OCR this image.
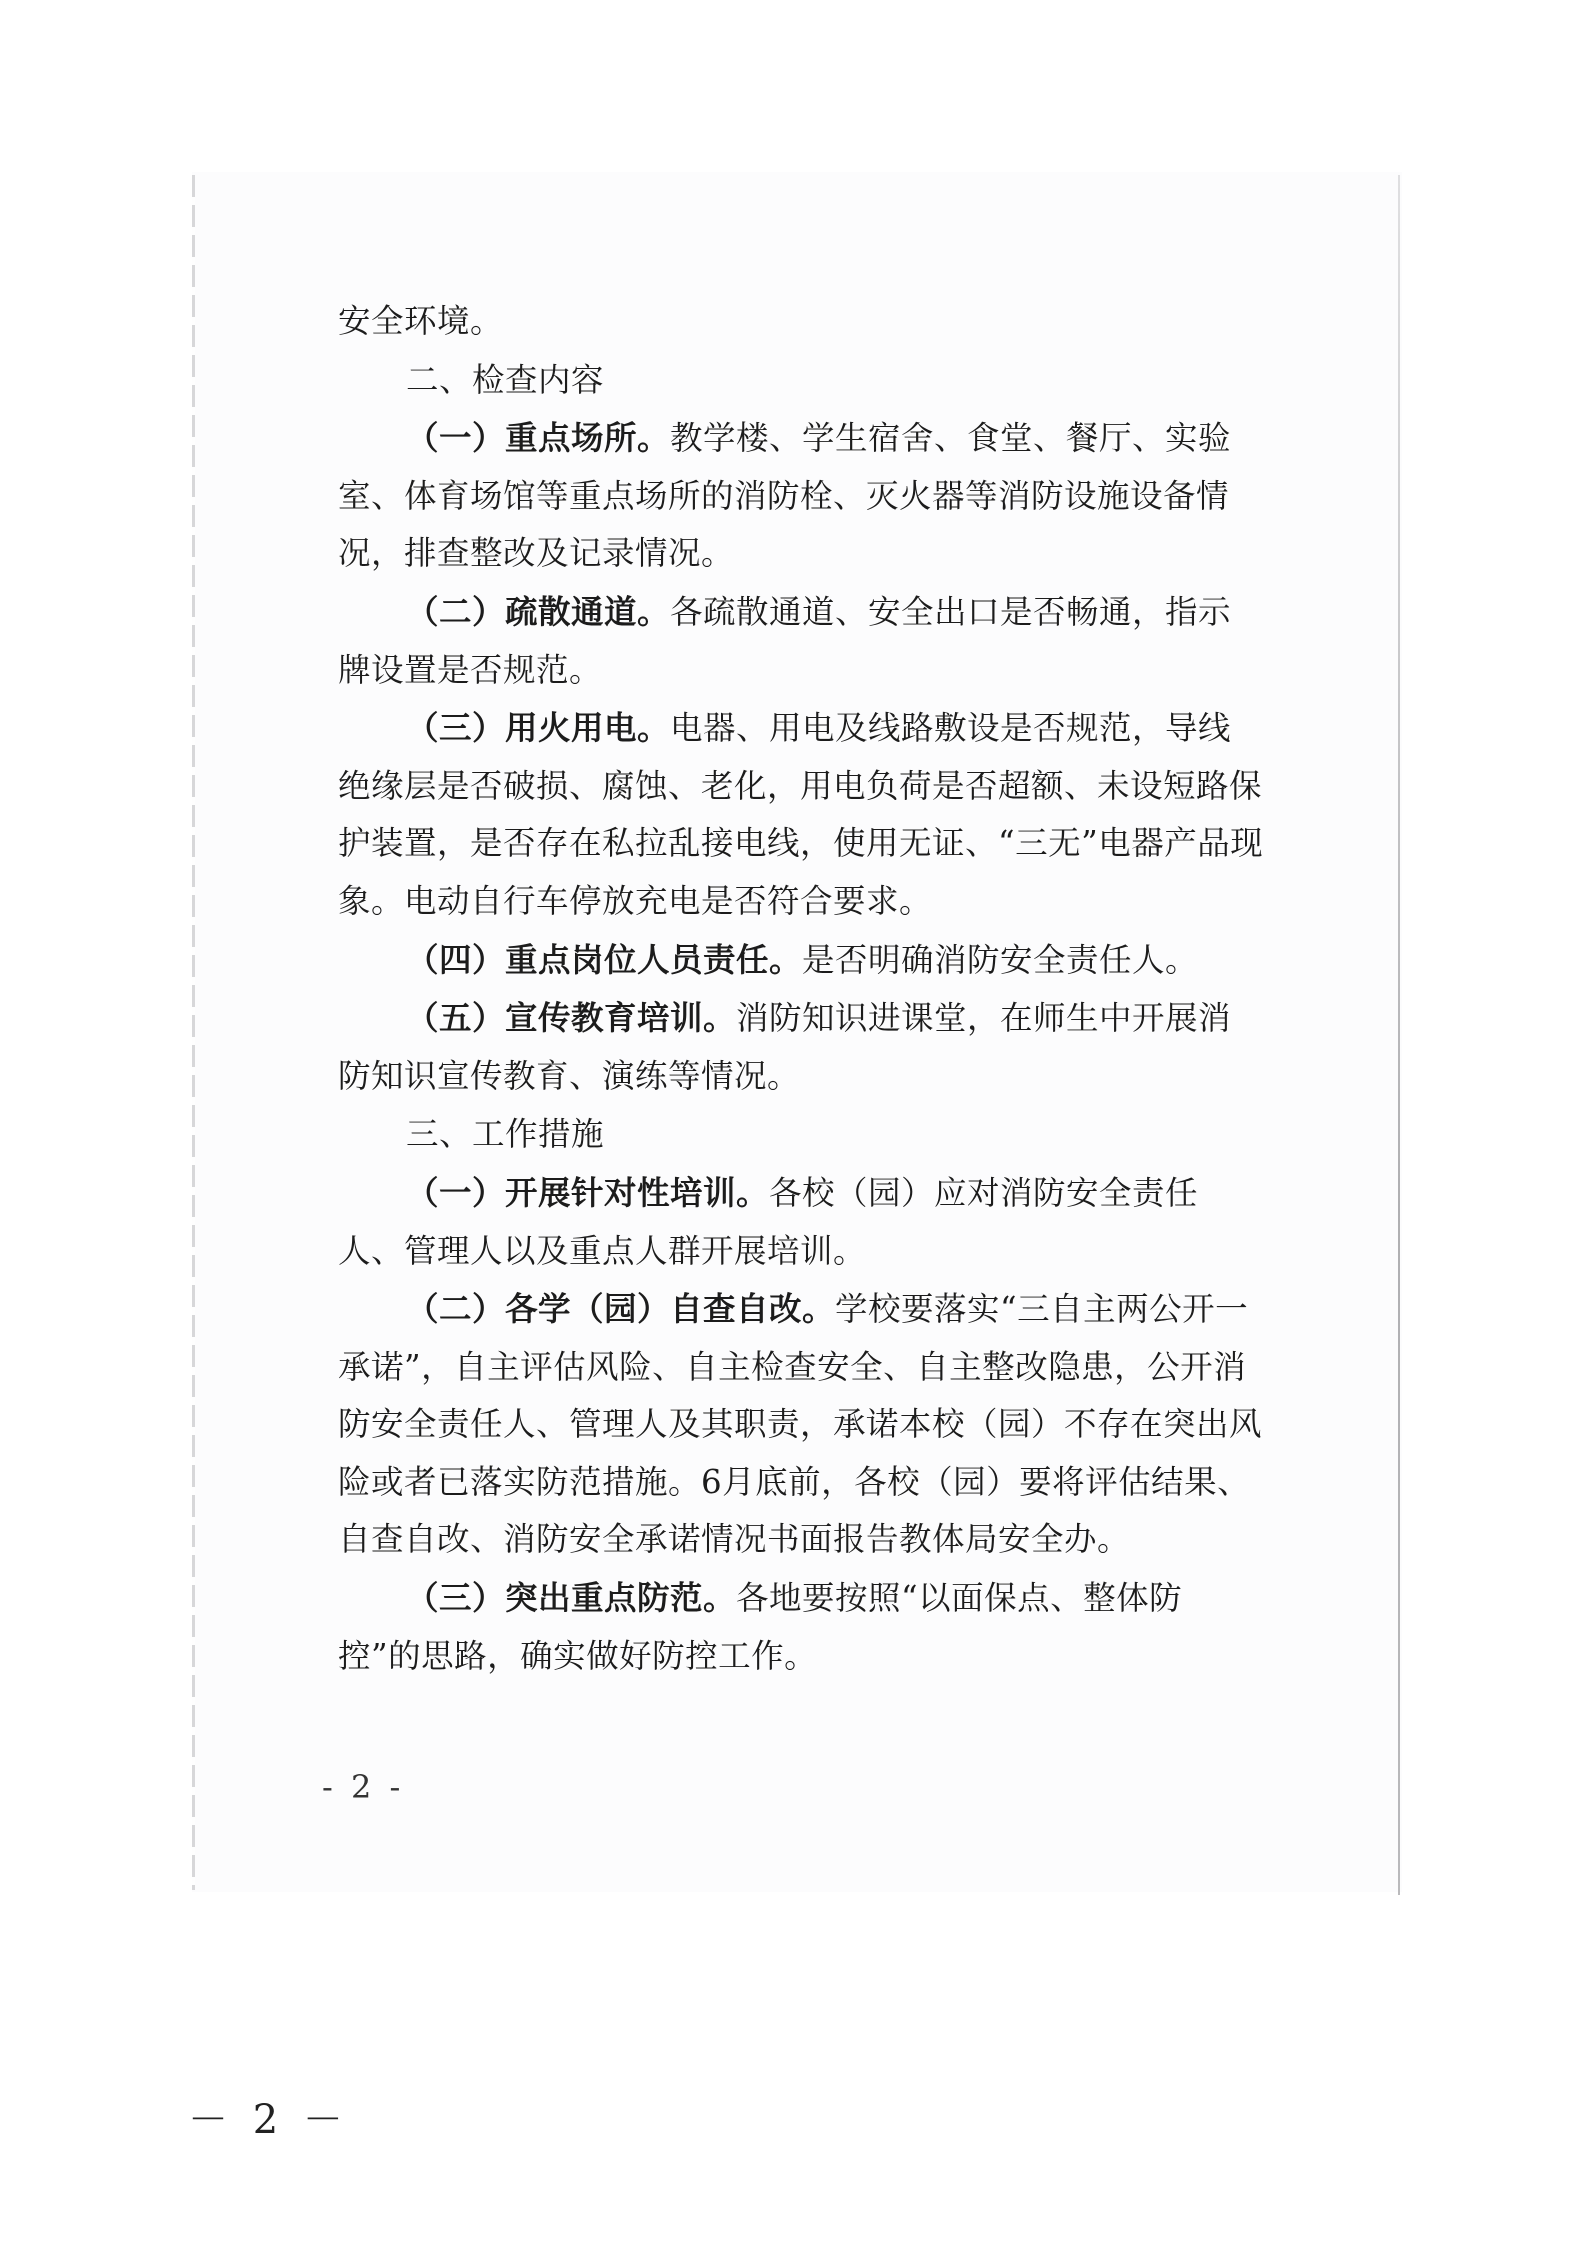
安全环境。

二、检查内容

（一）重点场所。教学楼、学生宿舍、食堂、餐厅、实验室、体育场馆等重点场所的消防栓、灭火器等消防设施设备情况，排查整改及记录情况。

（二）疏散通道。各疏散通道、安全出口是否畅通，指示牌设置是否规范。

（三）用火用电。电器、用电及线路敷设是否规范，导线绝缘层是否破损、腐蚀、老化，用电负荷是否超额、未设短路保护装置，是否存在私拉乱接电线，使用无证、“三无”电器产品现象。电动自行车停放充电是否符合要求。

（四）重点岗位人员责任。是否明确消防安全责任人。

（五）宣传教育培训。消防知识进课堂，在师生中开展消防知识宣传教育、演练等情况。

三、工作措施

（一）开展针对性培训。各校（园）应对消防安全责任人、管理人以及重点人群开展培训。

（二）各学（园）自查自改。学校要落实“三自主两公开一承诺”，自主评估风险、自主检查安全、自主整改隐患，公开消防安全责任人、管理人及其职责，承诺本校（园）不存在突出风险或者已落实防范措施。6月底前，各校（园）要将评估结果、自查自改、消防安全承诺情况书面报告教体局安全办。

（三）突出重点防范。各地要按照“以面保点、整体防控”的思路，确实做好防控工作。

- 2 -
－ 2 －
